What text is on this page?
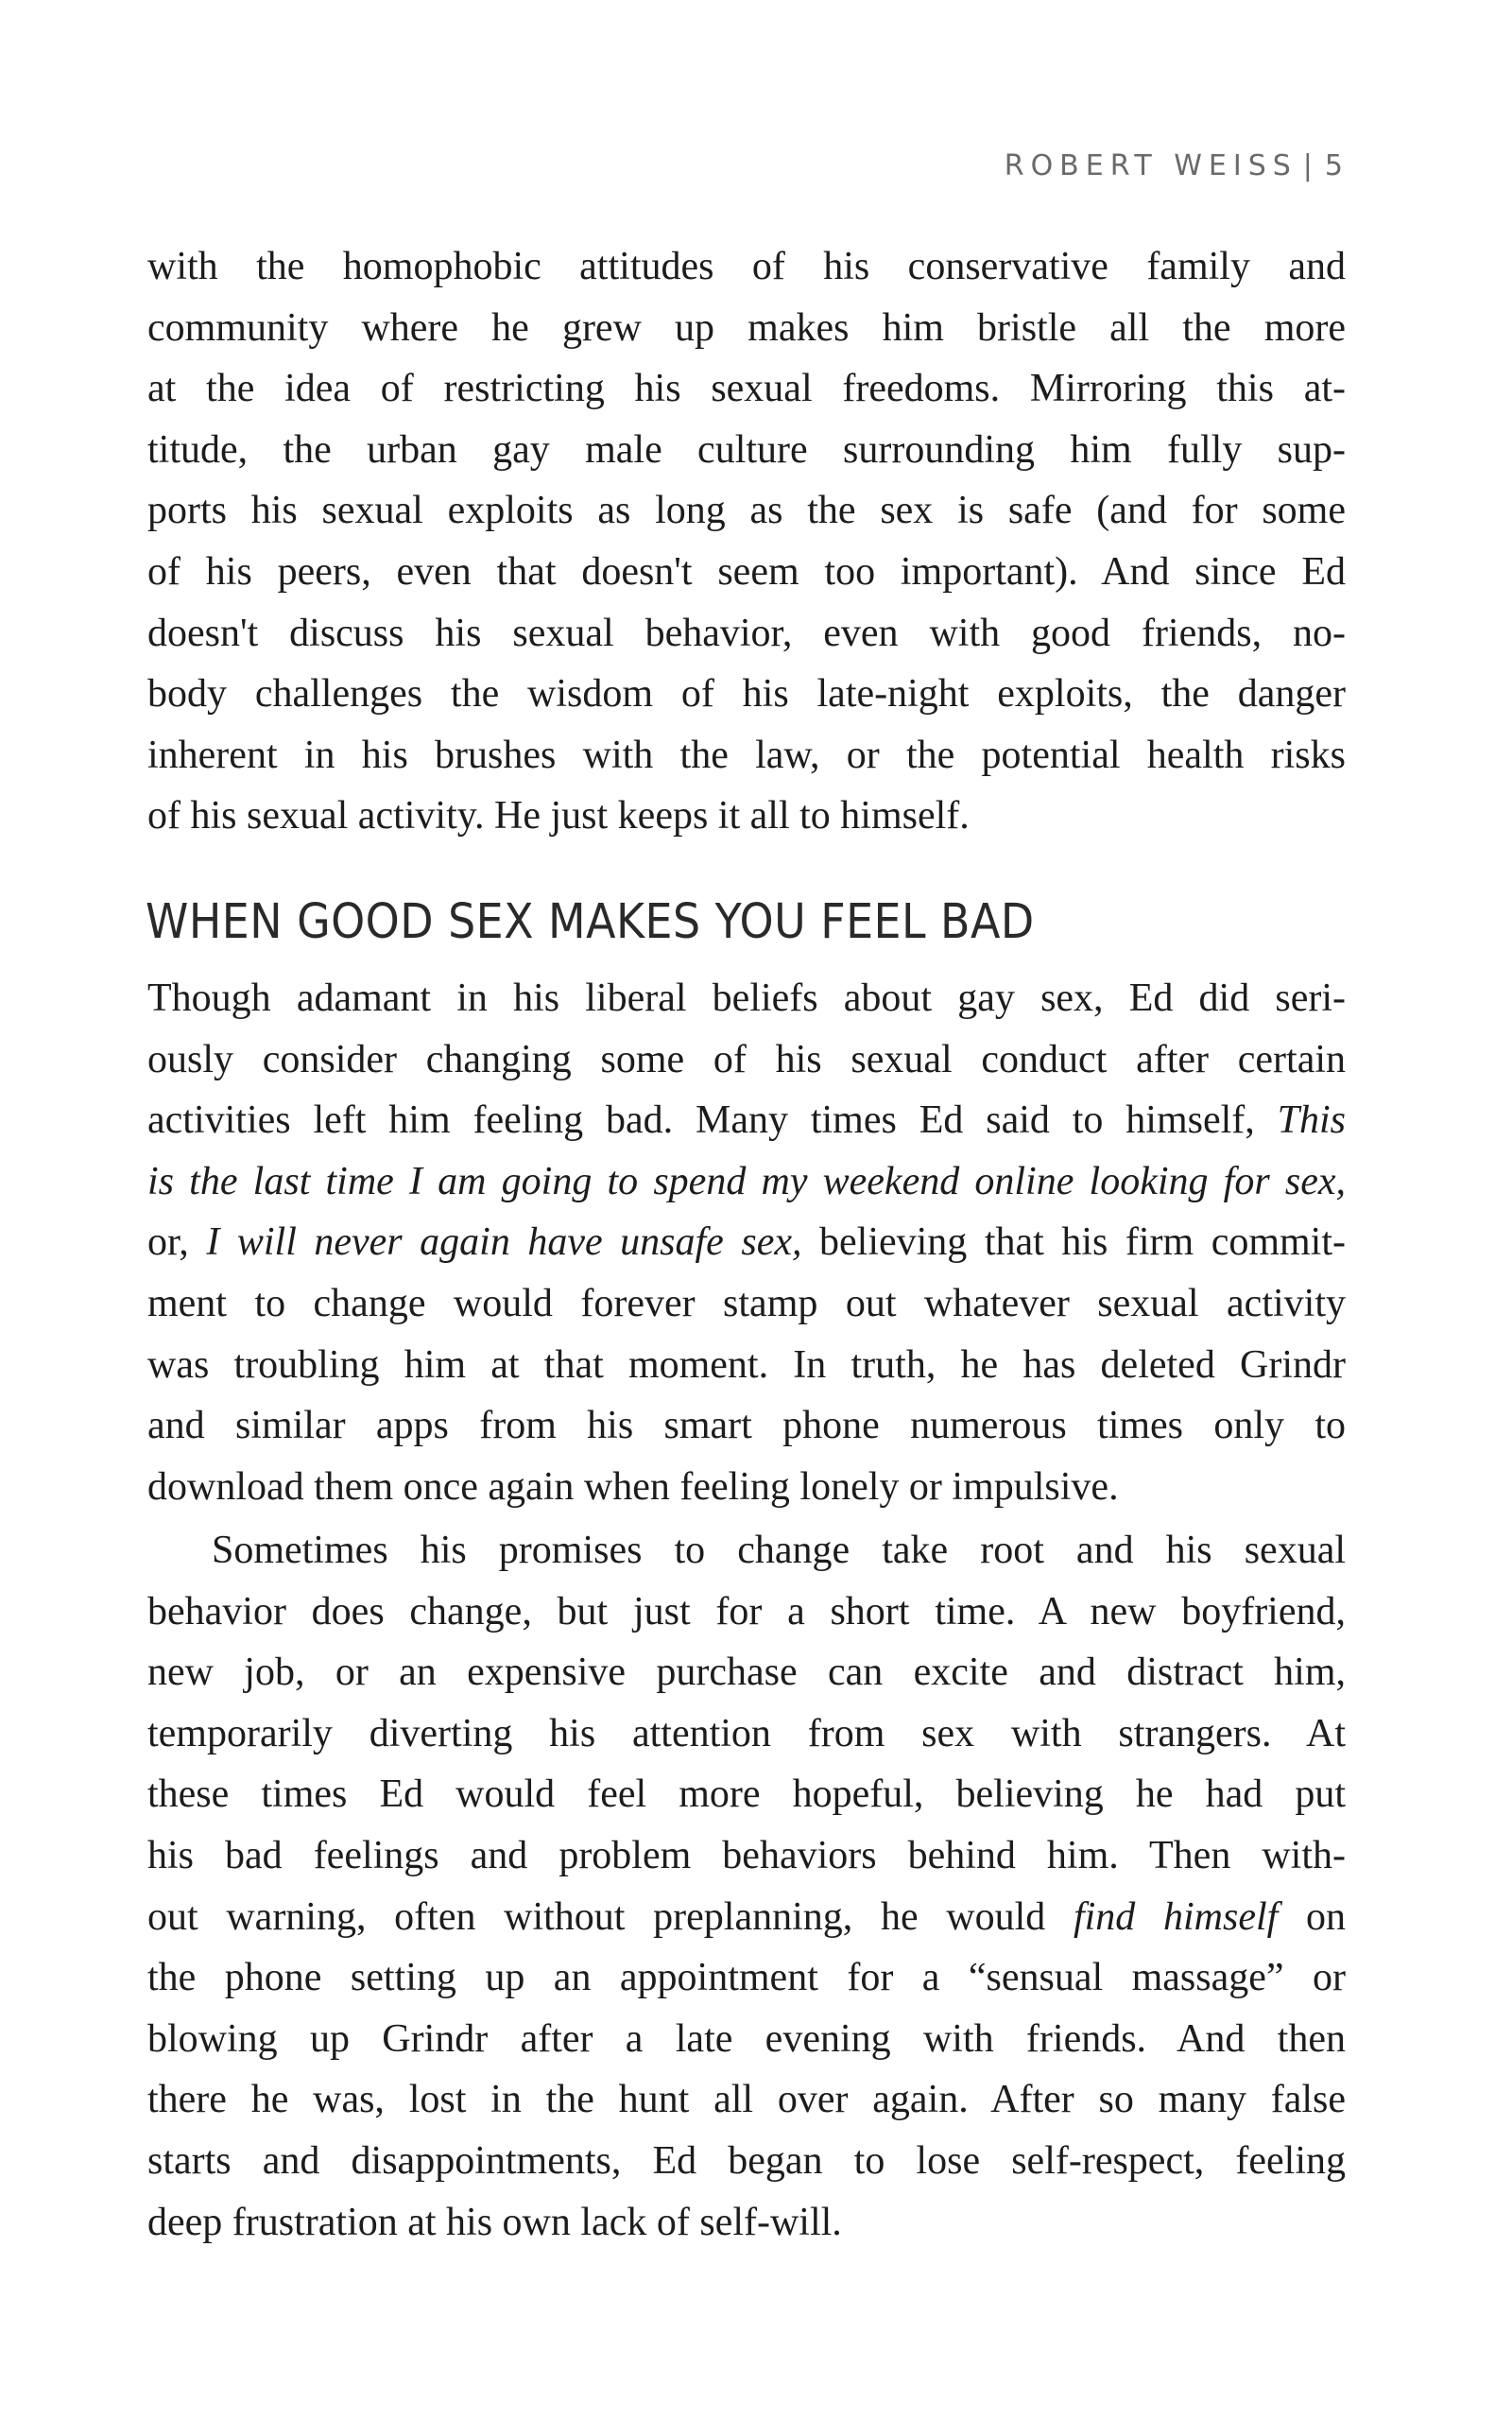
ROBERT WEISS | 5
with the homophobic attitudes of his conservative family and
community where he grew up makes him bristle all the more
at the idea of restricting his sexual freedoms. Mirroring this at-
titude, the urban gay male culture surrounding him fully sup-
ports his sexual exploits as long as the sex is safe (and for some
of his peers, even that doesn't seem too important). And since Ed
doesn't discuss his sexual behavior, even with good friends, no-
body challenges the wisdom of his late-night exploits, the danger
inherent in his brushes with the law, or the potential health risks
of his sexual activity. He just keeps it all to himself.
WHEN GOOD SEX MAKES YOU FEEL BAD
Though adamant in his liberal beliefs about gay sex, Ed did seri-
ously consider changing some of his sexual conduct after certain
activities left him feeling bad. Many times Ed said to himself, This
is the last time I am going to spend my weekend online looking for sex,
or, I will never again have unsafe sex, believing that his firm commit-
ment to change would forever stamp out whatever sexual activity
was troubling him at that moment. In truth, he has deleted Grindr
and similar apps from his smart phone numerous times only to
download them once again when feeling lonely or impulsive.
Sometimes his promises to change take root and his sexual
behavior does change, but just for a short time. A new boyfriend,
new job, or an expensive purchase can excite and distract him,
temporarily diverting his attention from sex with strangers. At
these times Ed would feel more hopeful, believing he had put
his bad feelings and problem behaviors behind him. Then with-
out warning, often without preplanning, he would find himself on
the phone setting up an appointment for a “sensual massage” or
blowing up Grindr after a late evening with friends. And then
there he was, lost in the hunt all over again. After so many false
starts and disappointments, Ed began to lose self-respect, feeling
deep frustration at his own lack of self-will.
